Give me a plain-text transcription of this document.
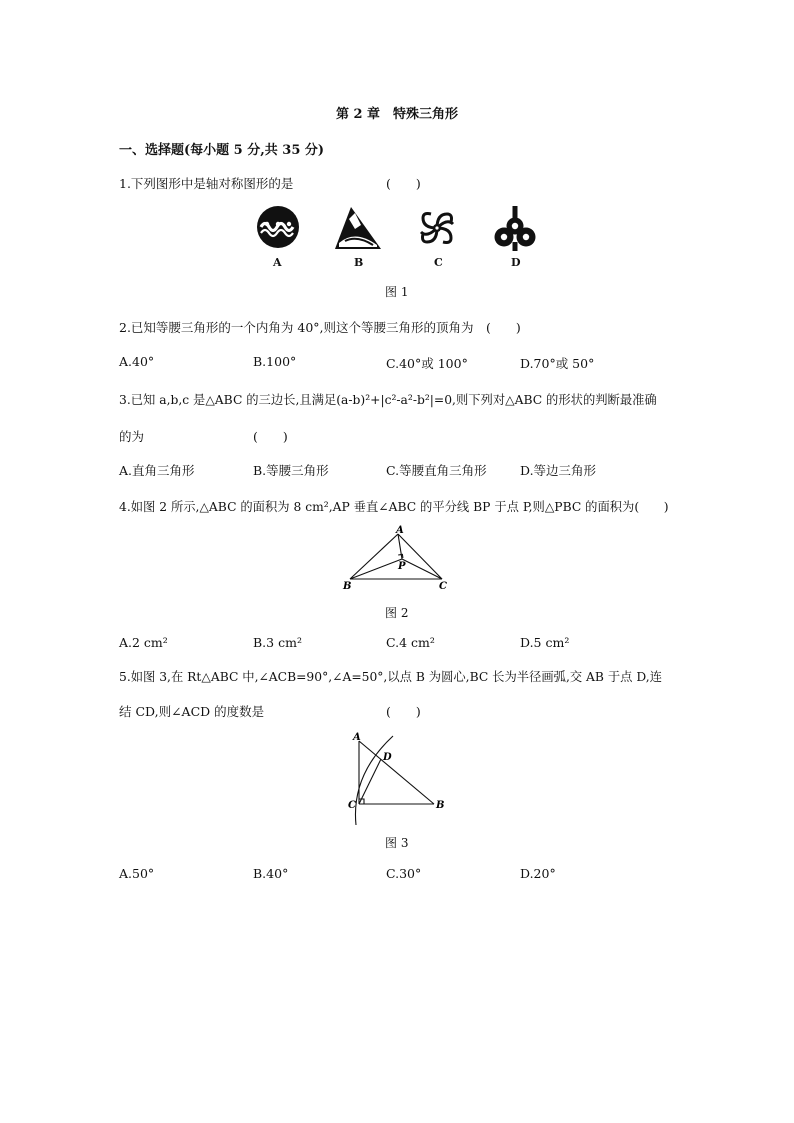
第 2 章　特殊三角形
一、选择题(每小题 5 分,共 35 分)
1.下列图形中是轴对称图形的是	(　　)
A	B	C	D
图 1
2.已知等腰三角形的一个内角为 40°,则这个等腰三角形的顶角为　(　　)
A.40°	B.100°	C.40°或 100°	D.70°或 50°
3.已知 a,b,c 是△ABC 的三边长,且满足(a-b)²+|c²-a²-b²|=0,则下列对△ABC 的形状的判断最准确
的为	(　　)
A.直角三角形	B.等腰三角形	C.等腰直角三角形	D.等边三角形
4.如图 2 所示,△ABC 的面积为 8 cm²,AP 垂直∠ABC 的平分线 BP 于点 P,则△PBC 的面积为(　　)
A
B	C
P
图 2
A.2 cm²	B.3 cm²	C.4 cm²	D.5 cm²
5.如图 3,在 Rt△ABC 中,∠ACB=90°,∠A=50°,以点 B 为圆心,BC 长为半径画弧,交 AB 于点 D,连
结 CD,则∠ACD 的度数是	(　　)
A
D
C	B
图 3
A.50°	B.40°	C.30°	D.20°
